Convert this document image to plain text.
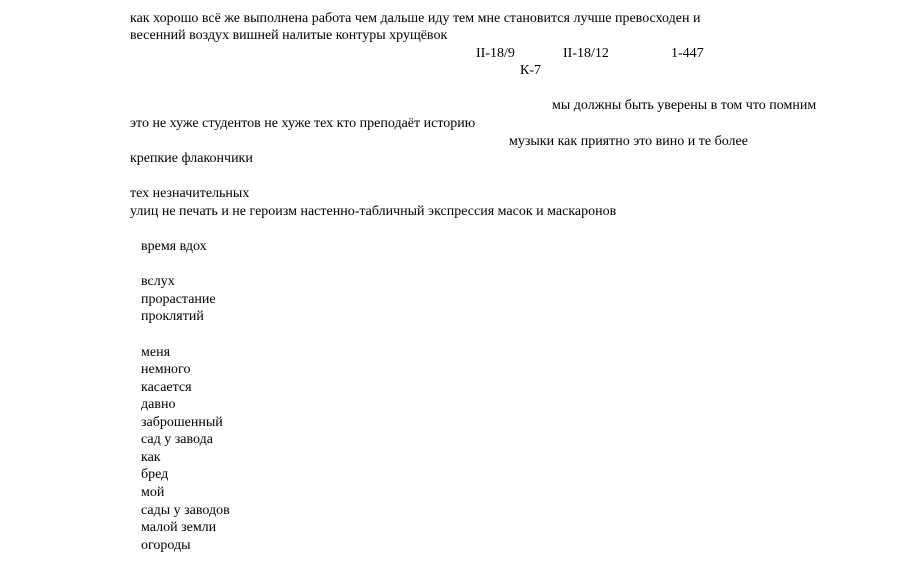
как хорошо всё же выполнена работа чем дальше иду тем мне становится лучше превосходен и
весенний воздух вишней налитые контуры хрущёвок
II-18/9	II-18/12	1-447
К-7
мы должны быть уверены в том что помним
это не хуже студентов не хуже тех кто преподаёт историю
музыки как приятно это вино и те более
крепкие флакончики
тех незначительных
улиц не печать и не героизм настенно-табличный экспрессия масок и маскаронов
время вдох
вслух
прорастание
проклятий
меня
немного
касается
давно
заброшенный
сад у завода
как
бред
мой
сады у заводов
малой земли
огороды
